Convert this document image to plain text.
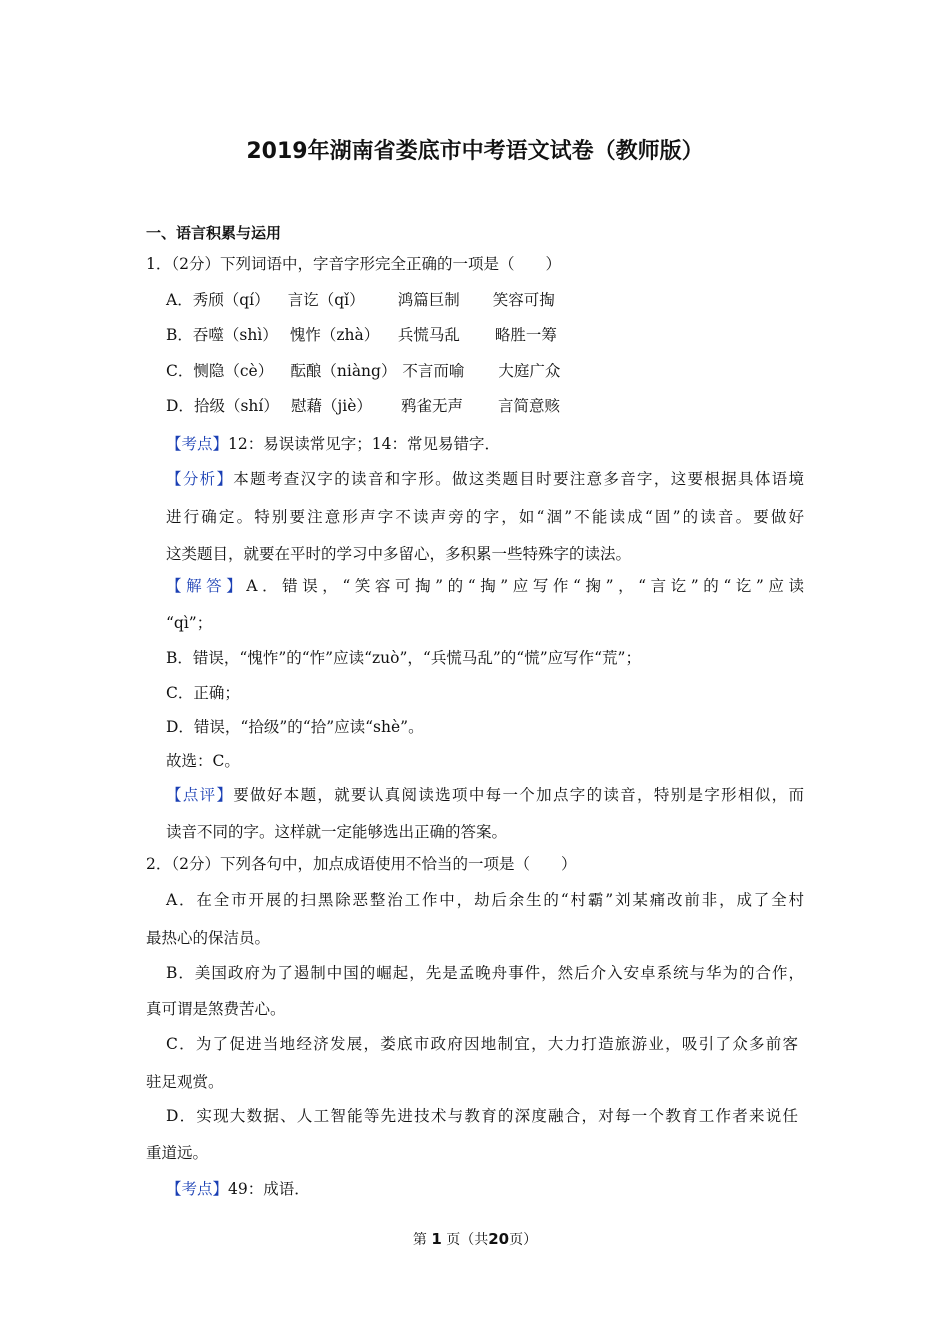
2019年湖南省娄底市中考语文试卷（教师版）
一、语言积累与运用
1．（2分）下列词语中，字音字形完全正确的一项是（　　）
A．秀颀（qí） 言讫（qǐ） 鸿篇巨制 笑容可掏
B．吞噬（shì） 愧怍（zhà） 兵慌马乱 略胜一筹
C．恻隐（cè） 酝酿（niàng） 不言而喻 大庭广众
D．拾级（shí） 慰藉（jiè） 鸦雀无声 言简意赅
【考点】12：易误读常见字；14：常见易错字．
【分析】本题考查汉字的读音和字形。做这类题目时要注意多音字，这要根据具体语境
进行确定。特别要注意形声字不读声旁的字，如“涸”不能读成“固”的读音。要做好
这类题目，就要在平时的学习中多留心，多积累一些特殊字的读法。
【解答】A．错误，“笑容可掏”的“掏”应写作“掬”，“言讫”的“讫”应读
“qì”；
B．错误，“愧怍”的“怍”应读“zuò”，“兵慌马乱”的“慌”应写作“荒”；
C．正确；
D．错误，“拾级”的“拾”应读“shè”。
故选：C。
【点评】要做好本题，就要认真阅读选项中每一个加点字的读音，特别是字形相似，而
读音不同的字。这样就一定能够选出正确的答案。
2．（2分）下列各句中，加点成语使用不恰当的一项是（　　）
A．在全市开展的扫黑除恶整治工作中，劫后余生的“村霸”刘某痛改前非，成了全村
最热心的保洁员。
B．美国政府为了遏制中国的崛起，先是孟晚舟事件，然后介入安卓系统与华为的合作，
真可谓是煞费苦心。
C．为了促进当地经济发展，娄底市政府因地制宜，大力打造旅游业，吸引了众多前客
驻足观赏。
D．实现大数据、人工智能等先进技术与教育的深度融合，对每一个教育工作者来说任
重道远。
【考点】49：成语．
第 1 页（共20页）
